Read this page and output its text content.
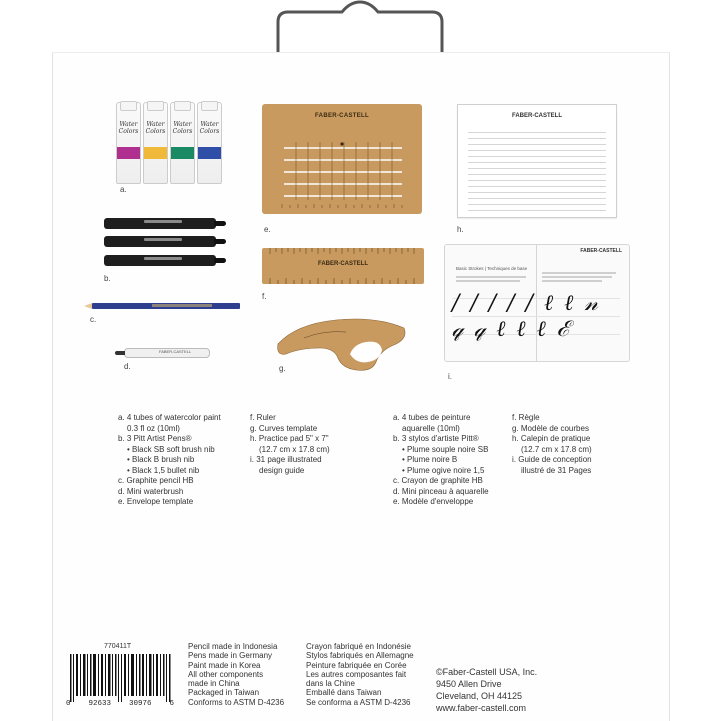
Water Colors
Water Colors
Water Colors
Water Colors
a.
b.
c.
FABER-CASTELL
d.
FABER-CASTELL
e.
FABER-CASTELL
f.
g.
FABER-CASTELL
h.
FABER-CASTELL
Basic Strokes | Techniques de base
/ / / / / ℓ ℓ 𝓃
𝓆 𝓆 ℓ ℓ ℓ ℰ
i.
a. 4 tubes of watercolor paint
0.3 fl oz (10ml)
b. 3 Pitt Artist Pens®
• Black SB soft brush nib
• Black B brush nib
• Black 1,5 bullet nib
c. Graphite pencil HB
d. Mini waterbrush
e. Envelope template
f. Ruler
g. Curves template
h. Practice pad 5" x 7"
(12.7 cm x 17.8 cm)
i. 31 page illustrated
design guide
a. 4 tubes de peinture
aquarelle (10ml)
b. 3 stylos d'artiste Pitt®
• Plume souple noire SB
• Plume noire B
• Plume ogive noire 1,5
c. Crayon de graphite HB
d. Mini pinceau à aquarelle
e. Modèle d'enveloppe
f. Règle
g. Modèle de courbes
h. Calepin de pratique
(12.7 cm x 17.8 cm)
i. Guide de conception
illustré de 31 Pages
770411T
0 92633 30976 6
Pencil made in Indonesia
Pens made in Germany
Paint made in Korea
All other components
made in China
Packaged in Taiwan
Conforms to ASTM D-4236
Crayon fabriqué en Indonésie
Stylos fabriqués en Allemagne
Peinture fabriquée en Corée
Les autres composantes fait
dans la Chine
Emballé dans Taiwan
Se conforma a ASTM D-4236
©Faber-Castell USA, Inc.
9450 Allen Drive
Cleveland, OH 44125
www.faber-castell.com
